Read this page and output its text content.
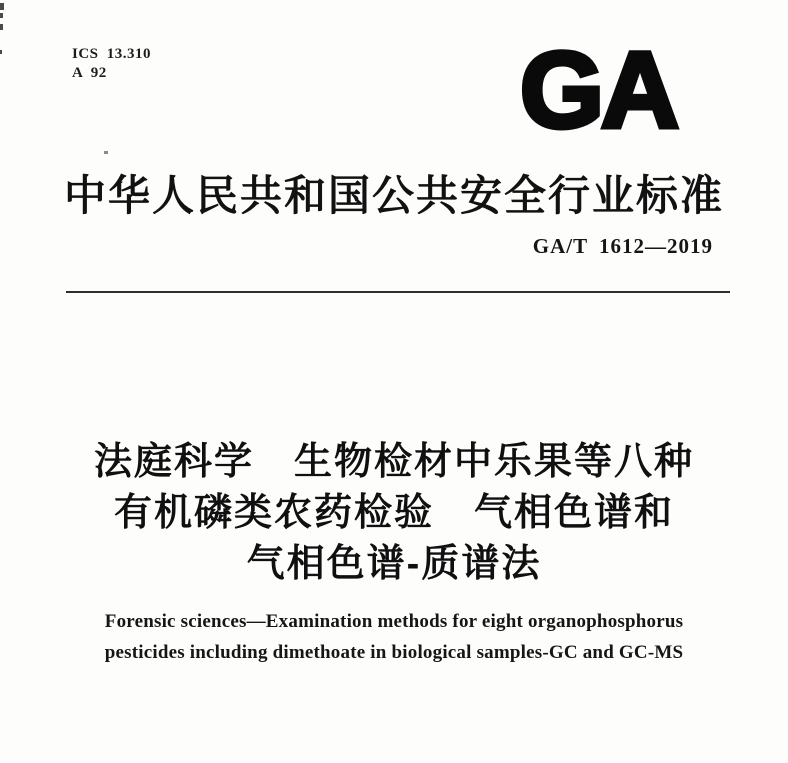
ICS 13.310
A 92	GA
中华人民共和国公共安全行业标准
GA/T 1612—2019
法庭科学　生物检材中乐果等八种
有机磷类农药检验　气相色谱和
气相色谱-质谱法
Forensic sciences—Examination methods for eight organophosphorus
pesticides including dimethoate in biological samples-GC and GC-MS
